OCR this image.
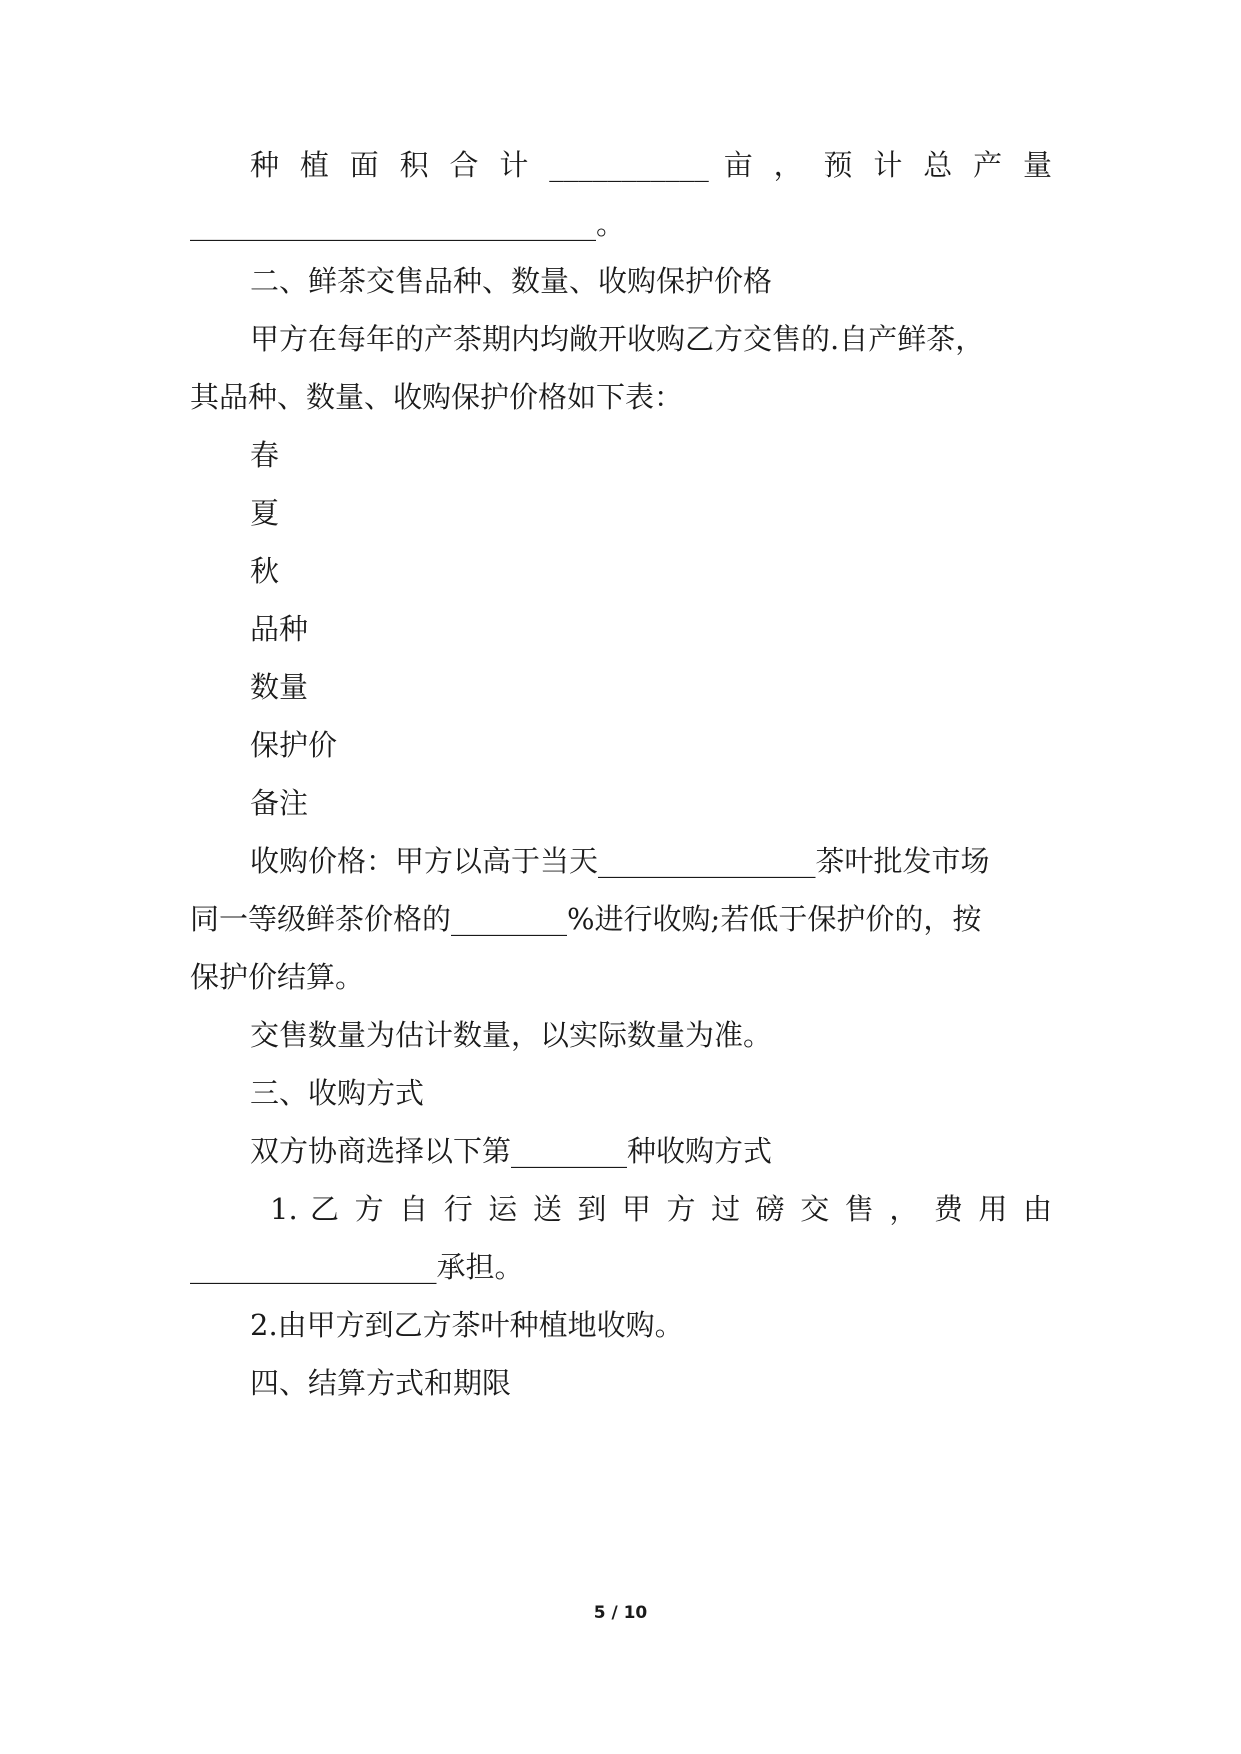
种 植 面 积 合 计 ___________ 亩 ， 预 计 总 产 量
____________________________。
二、鲜茶交售品种、数量、收购保护价格
甲方在每年的产茶期内均敞开收购乙方交售的.自产鲜茶，
其品种、数量、收购保护价格如下表：
春
夏
秋
品种
数量
保护价
备注
收购价格：甲方以高于当天_______________茶叶批发市场
同一等级鲜茶价格的________%进行收购;若低于保护价的，按
保护价结算。
交售数量为估计数量，以实际数量为准。
三、收购方式
双方协商选择以下第________种收购方式
1. 乙 方 自 行 运 送 到 甲 方 过 磅 交 售 ， 费 用 由
_________________承担。
2.由甲方到乙方茶叶种植地收购。
四、结算方式和期限
5 / 10
